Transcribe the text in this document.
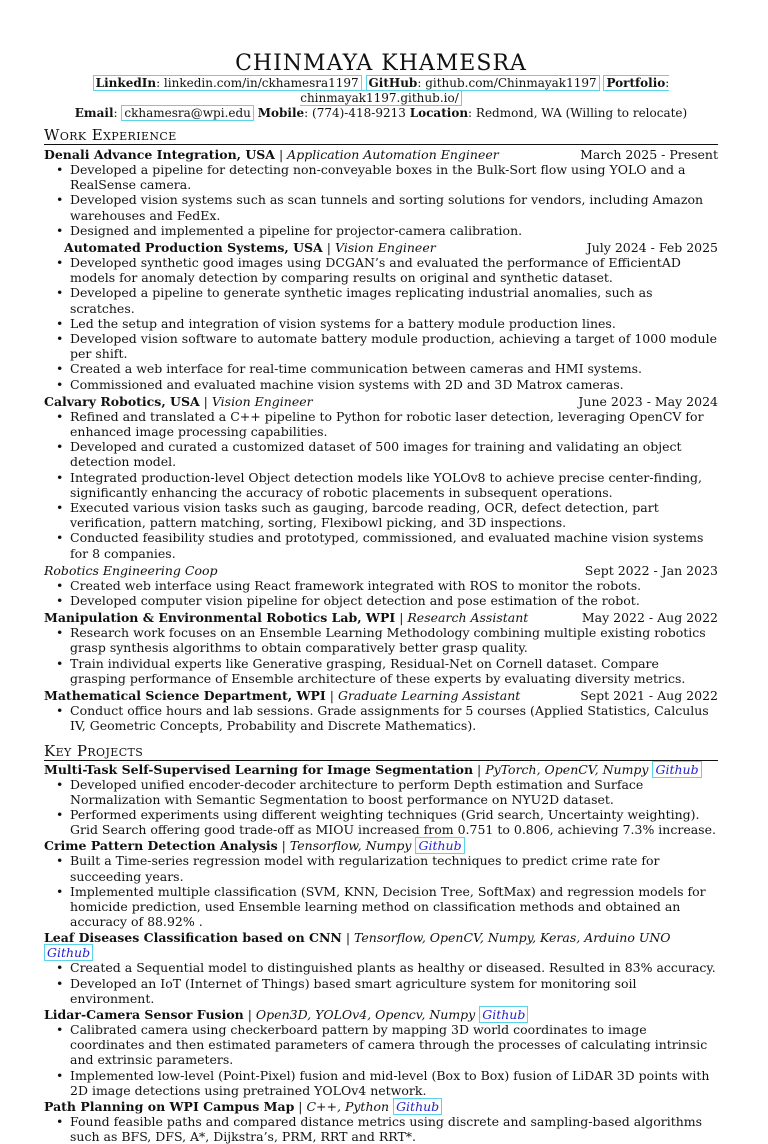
CHINMAYA KHAMESRA
LinkedIn: linkedin.com/in/ckhamesra1197 GitHub: github.com/Chinmayak1197 Portfolio: chinmayak1197.github.io/
Email: ckhamesra@wpi.edu Mobile: (774)-418-9213 Location: Redmond, WA (Willing to relocate)
Work Experience
Denali Advance Integration, USA | Application Automation Engineer	March 2025 - Present
• Developed a pipeline for detecting non-conveyable boxes in the Bulk-Sort flow using YOLO and a RealSense camera.
• Developed vision systems such as scan tunnels and sorting solutions for vendors, including Amazon warehouses and FedEx.
• Designed and implemented a pipeline for projector-camera calibration.
Automated Production Systems, USA | Vision Engineer	July 2024 - Feb 2025
• Developed synthetic good images using DCGAN’s and evaluated the performance of EfficientAD models for anomaly detection by comparing results on original and synthetic dataset.
• Developed a pipeline to generate synthetic images replicating industrial anomalies, such as scratches.
• Led the setup and integration of vision systems for a battery module production lines.
• Developed vision software to automate battery module production, achieving a target of 1000 module per shift.
• Created a web interface for real-time communication between cameras and HMI systems.
• Commissioned and evaluated machine vision systems with 2D and 3D Matrox cameras.
Calvary Robotics, USA | Vision Engineer	June 2023 - May 2024
• Refined and translated a C++ pipeline to Python for robotic laser detection, leveraging OpenCV for enhanced image processing capabilities.
• Developed and curated a customized dataset of 500 images for training and validating an object detection model.
• Integrated production-level Object detection models like YOLOv8 to achieve precise center-finding, significantly enhancing the accuracy of robotic placements in subsequent operations.
• Executed various vision tasks such as gauging, barcode reading, OCR, defect detection, part verification, pattern matching, sorting, Flexibowl picking, and 3D inspections.
• Conducted feasibility studies and prototyped, commissioned, and evaluated machine vision systems for 8 companies.
Robotics Engineering Coop	Sept 2022 - Jan 2023
• Created web interface using React framework integrated with ROS to monitor the robots.
• Developed computer vision pipeline for object detection and pose estimation of the robot.
Manipulation & Environmental Robotics Lab, WPI | Research Assistant	May 2022 - Aug 2022
• Research work focuses on an Ensemble Learning Methodology combining multiple existing robotics grasp synthesis algorithms to obtain comparatively better grasp quality.
• Train individual experts like Generative grasping, Residual-Net on Cornell dataset. Compare grasping performance of Ensemble architecture of these experts by evaluating diversity metrics.
Mathematical Science Department, WPI | Graduate Learning Assistant	Sept 2021 - Aug 2022
• Conduct office hours and lab sessions. Grade assignments for 5 courses (Applied Statistics, Calculus IV, Geometric Concepts, Probability and Discrete Mathematics).
Key Projects
Multi-Task Self-Supervised Learning for Image Segmentation | PyTorch, OpenCV, Numpy Github
• Developed unified encoder-decoder architecture to perform Depth estimation and Surface Normalization with Semantic Segmentation to boost performance on NYU2D dataset.
• Performed experiments using different weighting techniques (Grid search, Uncertainty weighting). Grid Search offering good trade-off as MIOU increased from 0.751 to 0.806, achieving 7.3% increase.
Crime Pattern Detection Analysis | Tensorflow, Numpy Github
• Built a Time-series regression model with regularization techniques to predict crime rate for succeeding years.
• Implemented multiple classification (SVM, KNN, Decision Tree, SoftMax) and regression models for homicide prediction, used Ensemble learning method on classification methods and obtained an accuracy of 88.92% .
Leaf Diseases Classification based on CNN | Tensorflow, OpenCV, Numpy, Keras, Arduino UNO Github
• Created a Sequential model to distinguished plants as healthy or diseased. Resulted in 83% accuracy.
• Developed an IoT (Internet of Things) based smart agriculture system for monitoring soil environment.
Lidar-Camera Sensor Fusion | Open3D, YOLOv4, Opencv, Numpy Github
• Calibrated camera using checkerboard pattern by mapping 3D world coordinates to image coordinates and then estimated parameters of camera through the processes of calculating intrinsic and extrinsic parameters.
• Implemented low-level (Point-Pixel) fusion and mid-level (Box to Box) fusion of LiDAR 3D points with 2D image detections using pretrained YOLOv4 network.
Path Planning on WPI Campus Map | C++, Python Github
• Found feasible paths and compared distance metrics using discrete and sampling-based algorithms such as BFS, DFS, A*, Dijkstra’s, PRM, RRT and RRT*.
